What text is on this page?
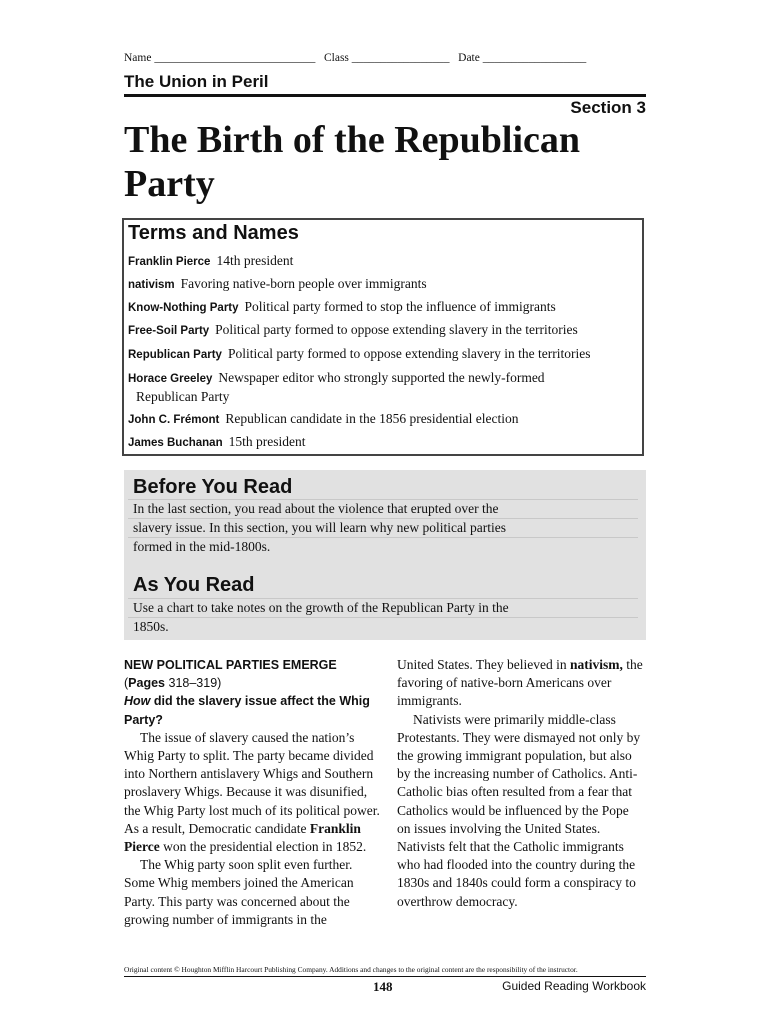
Name ____________________________ Class _________________ Date __________________
The Union in Peril
Section 3
The Birth of the Republican
Party
Terms and Names
Franklin Pierce 14th president
nativism Favoring native-born people over immigrants
Know-Nothing Party Political party formed to stop the influence of immigrants
Free-Soil Party Political party formed to oppose extending slavery in the territories
Republican Party Political party formed to oppose extending slavery in the territories
Horace Greeley Newspaper editor who strongly supported the newly-formed
Republican Party
John C. Frémont Republican candidate in the 1856 presidential election
James Buchanan 15th president
Before You Read
In the last section, you read about the violence that erupted over the
slavery issue. In this section, you will learn why new political parties
formed in the mid-1800s.
As You Read
Use a chart to take notes on the growth of the Republican Party in the
1850s.
NEW POLITICAL PARTIES EMERGE
(Pages 318–319)
How did the slavery issue affect the Whig Party?

The issue of slavery caused the nation’s Whig Party to split. The party became divided into Northern antislavery Whigs and Southern proslavery Whigs. Because it was disunified, the Whig Party lost much of its political power. As a result, Democratic candidate Franklin Pierce won the presidential election in 1852.

The Whig party soon split even further. Some Whig members joined the American Party. This party was concerned about the growing number of immigrants in the

United States. They believed in nativism, the favoring of native-born Americans over immigrants.

Nativists were primarily middle-class Protestants. They were dismayed not only by the growing immigrant population, but also by the increasing number of Catholics. Anti-Catholic bias often resulted from a fear that Catholics would be influenced by the Pope on issues involving the United States. Nativists felt that the Catholic immigrants who had flooded into the country during the 1830s and 1840s could form a conspiracy to overthrow democracy.

Original content © Houghton Mifflin Harcourt Publishing Company. Additions and changes to the original content are the responsibility of the instructor.
148	Guided Reading Workbook
